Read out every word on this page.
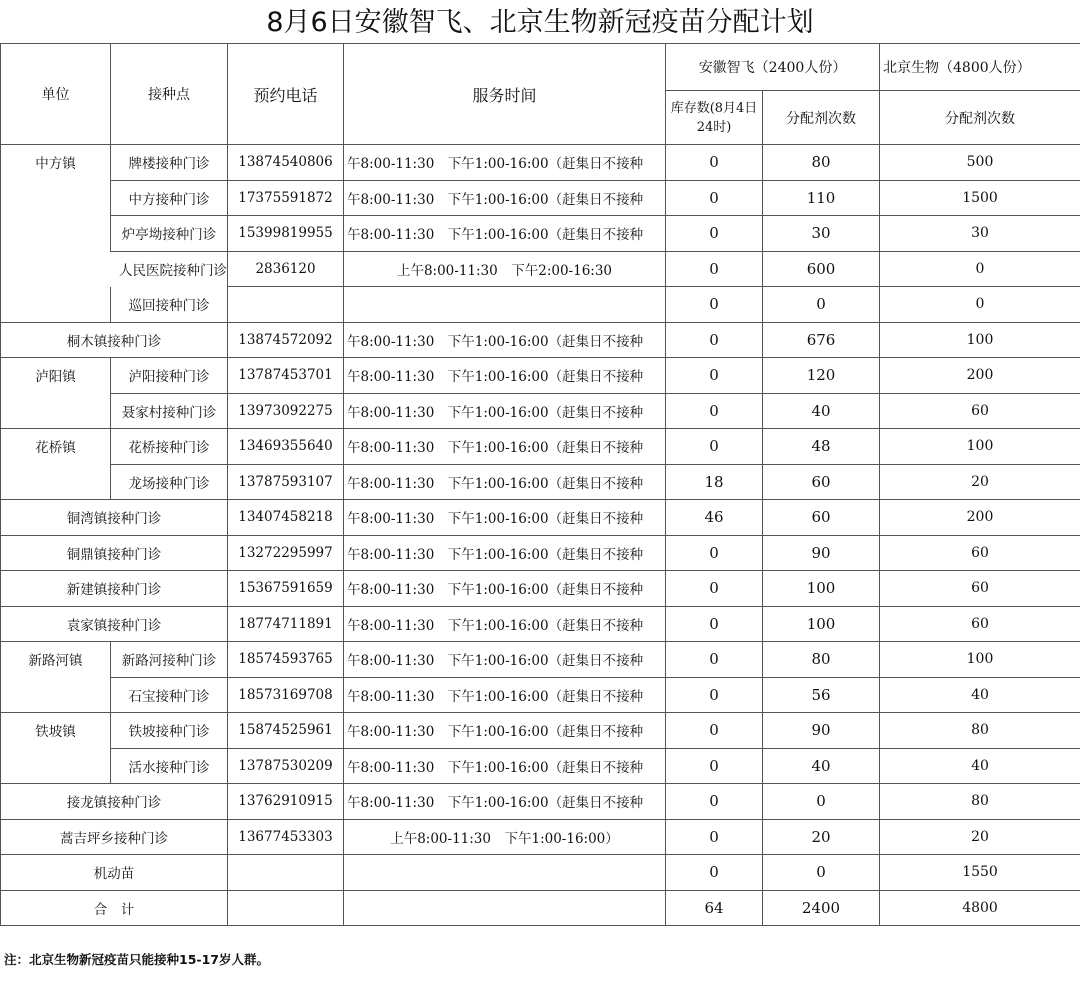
8月6日安徽智飞、北京生物新冠疫苗分配计划
单位	接种点	预约电话	服务时间	安徽智飞（2400人份）		北京生物（4800人份）
				库存数(8月4日24时)	分配剂次数	分配剂次数
中方镇	牌楼接种门诊	13874540806	午8:00-11:30　下午1:00-16:00（赶集日不接种	0	80	500
	中方接种门诊	17375591872	午8:00-11:30　下午1:00-16:00（赶集日不接种	0	110	1500
	炉亭坳接种门诊	15399819955	午8:00-11:30　下午1:00-16:00（赶集日不接种	0	30	30
人民医院接种门诊		2836120	上午8:00-11:30　下午2:00-16:30	0	600	0
	巡回接种门诊			0	0	0
桐木镇接种门诊		13874572092	午8:00-11:30　下午1:00-16:00（赶集日不接种	0	676	100
泸阳镇	泸阳接种门诊	13787453701	午8:00-11:30　下午1:00-16:00（赶集日不接种	0	120	200
	聂家村接种门诊	13973092275	午8:00-11:30　下午1:00-16:00（赶集日不接种	0	40	60
花桥镇	花桥接种门诊	13469355640	午8:00-11:30　下午1:00-16:00（赶集日不接种	0	48	100
	龙场接种门诊	13787593107	午8:00-11:30　下午1:00-16:00（赶集日不接种	18	60	20
铜湾镇接种门诊		13407458218	午8:00-11:30　下午1:00-16:00（赶集日不接种	46	60	200
铜鼎镇接种门诊		13272295997	午8:00-11:30　下午1:00-16:00（赶集日不接种	0	90	60
新建镇接种门诊		15367591659	午8:00-11:30　下午1:00-16:00（赶集日不接种	0	100	60
袁家镇接种门诊		18774711891	午8:00-11:30　下午1:00-16:00（赶集日不接种	0	100	60
新路河镇	新路河接种门诊	18574593765	午8:00-11:30　下午1:00-16:00（赶集日不接种	0	80	100
	石宝接种门诊	18573169708	午8:00-11:30　下午1:00-16:00（赶集日不接种	0	56	40
铁坡镇	铁坡接种门诊	15874525961	午8:00-11:30　下午1:00-16:00（赶集日不接种	0	90	80
	活水接种门诊	13787530209	午8:00-11:30　下午1:00-16:00（赶集日不接种	0	40	40
接龙镇接种门诊		13762910915	午8:00-11:30　下午1:00-16:00（赶集日不接种	0	0	80
蒿吉坪乡接种门诊		13677453303	上午8:00-11:30　下午1:00-16:00）	0	20	20
机动苗				0	0	1550
合　计				64	2400	4800
注：北京生物新冠疫苗只能接种15-17岁人群。
